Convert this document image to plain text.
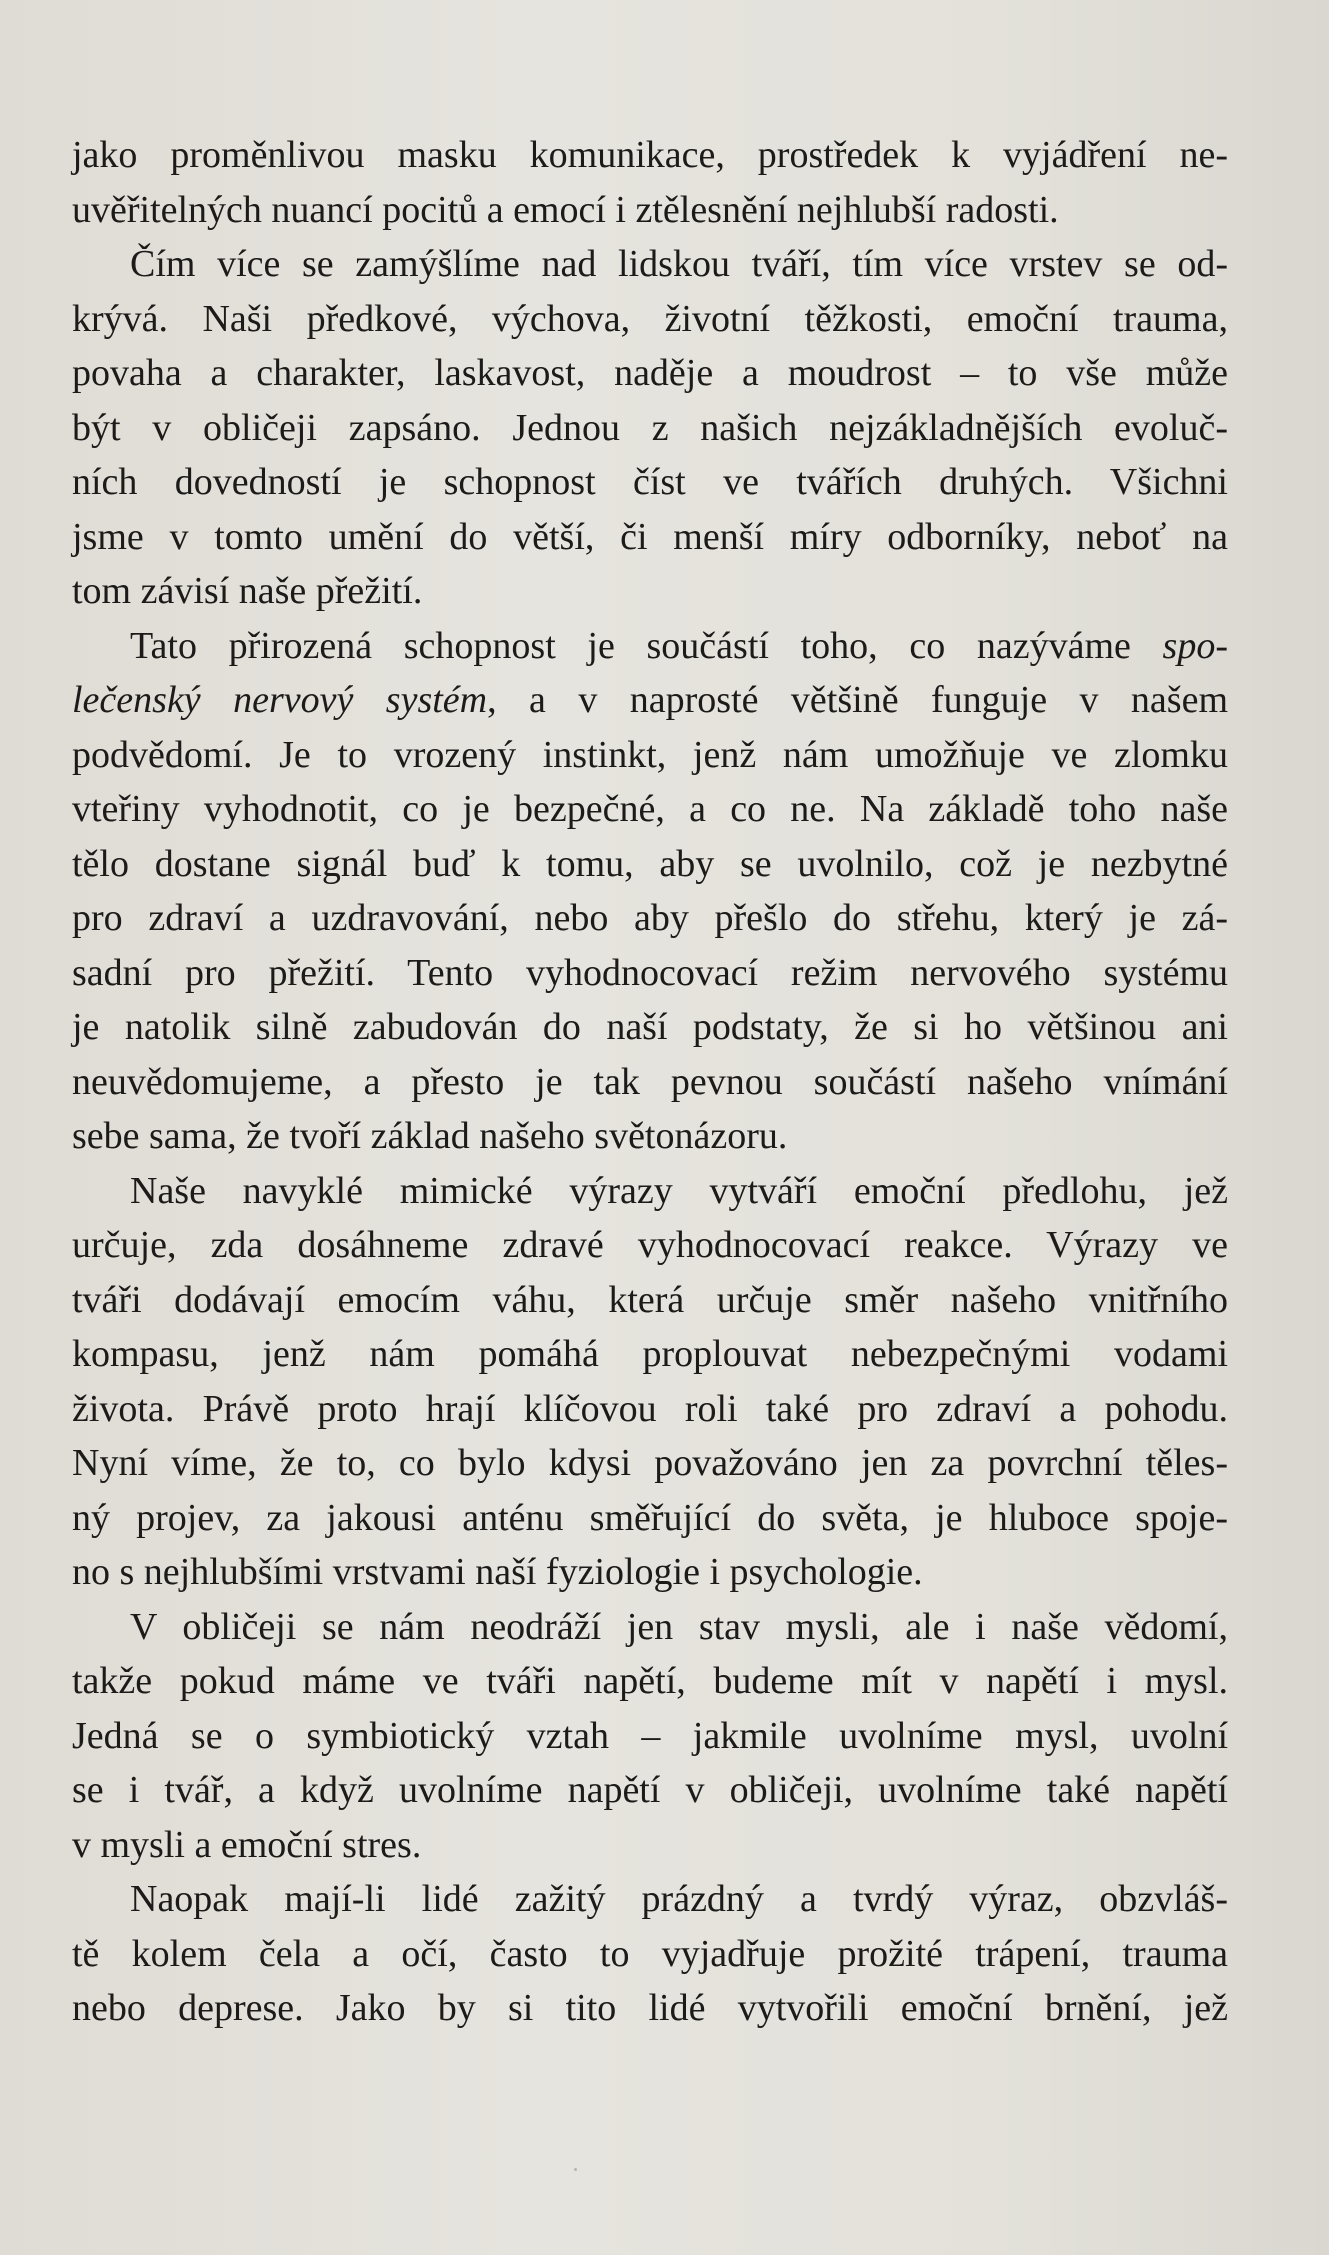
jako proměnlivou masku komunikace, prostředek k vyjádření ne-
uvěřitelných nuancí pocitů a emocí i ztělesnění nejhlubší radosti.
Čím více se zamýšlíme nad lidskou tváří, tím více vrstev se od-
krývá. Naši předkové, výchova, životní těžkosti, emoční trauma,
povaha a charakter, laskavost, naděje a moudrost – to vše může
být v obličeji zapsáno. Jednou z našich nejzákladnějších evoluč-
ních dovedností je schopnost číst ve tvářích druhých. Všichni
jsme v tomto umění do větší, či menší míry odborníky, neboť na
tom závisí naše přežití.
Tato přirozená schopnost je součástí toho, co nazýváme spo-
lečenský nervový systém, a v naprosté většině funguje v našem
podvědomí. Je to vrozený instinkt, jenž nám umožňuje ve zlomku
vteřiny vyhodnotit, co je bezpečné, a co ne. Na základě toho naše
tělo dostane signál buď k tomu, aby se uvolnilo, což je nezbytné
pro zdraví a uzdravování, nebo aby přešlo do střehu, který je zá-
sadní pro přežití. Tento vyhodnocovací režim nervového systému
je natolik silně zabudován do naší podstaty, že si ho většinou ani
neuvědomujeme, a přesto je tak pevnou součástí našeho vnímání
sebe sama, že tvoří základ našeho světonázoru.
Naše navyklé mimické výrazy vytváří emoční předlohu, jež
určuje, zda dosáhneme zdravé vyhodnocovací reakce. Výrazy ve
tváři dodávají emocím váhu, která určuje směr našeho vnitřního
kompasu, jenž nám pomáhá proplouvat nebezpečnými vodami
života. Právě proto hrají klíčovou roli také pro zdraví a pohodu.
Nyní víme, že to, co bylo kdysi považováno jen za povrchní těles-
ný projev, za jakousi anténu směřující do světa, je hluboce spoje-
no s nejhlubšími vrstvami naší fyziologie i psychologie.
V obličeji se nám neodráží jen stav mysli, ale i naše vědomí,
takže pokud máme ve tváři napětí, budeme mít v napětí i mysl.
Jedná se o symbiotický vztah – jakmile uvolníme mysl, uvolní
se i tvář, a když uvolníme napětí v obličeji, uvolníme také napětí
v mysli a emoční stres.
Naopak mají-li lidé zažitý prázdný a tvrdý výraz, obzvláš-
tě kolem čela a očí, často to vyjadřuje prožité trápení, trauma
nebo deprese. Jako by si tito lidé vytvořili emoční brnění, jež
